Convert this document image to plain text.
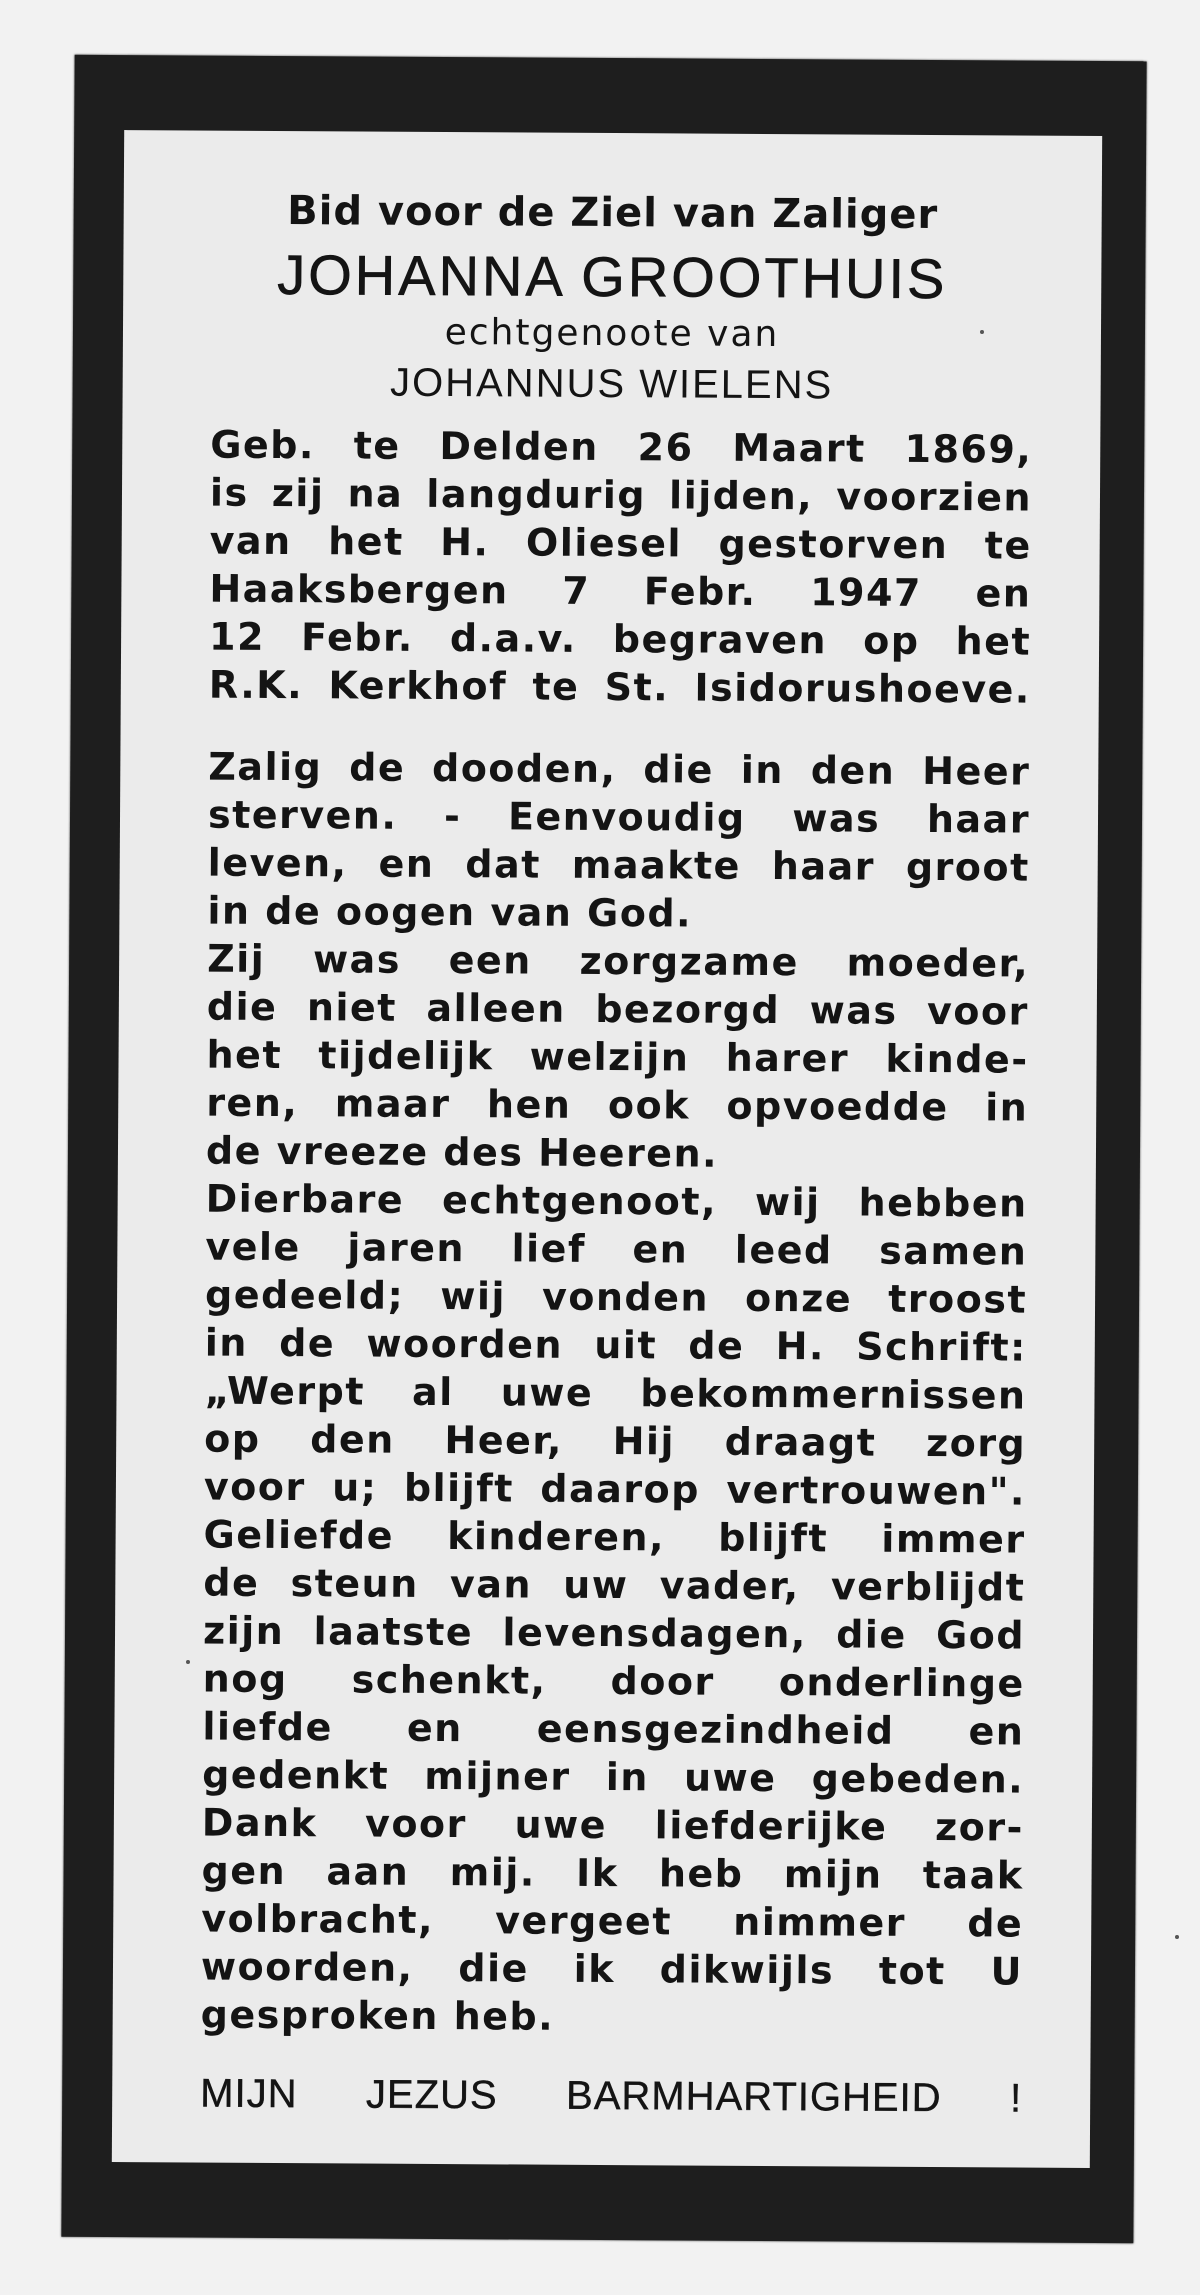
Bid voor de Ziel van Zaliger
JOHANNA GROOTHUIS
echtgenoote van
JOHANNUS WIELENS
Geb. te Delden 26 Maart 1869,
is zij na langdurig lijden, voorzien
van het H. Oliesel gestorven te
Haaksbergen 7 Febr. 1947 en
12 Febr. d.a.v. begraven op het
R.K. Kerkhof te St. Isidorushoeve.
Zalig de dooden, die in den Heer
sterven. - Eenvoudig was haar
leven, en dat maakte haar groot
in de oogen van God.
Zij was een zorgzame moeder,
die niet alleen bezorgd was voor
het tijdelijk welzijn harer kinde-
ren, maar hen ook opvoedde in
de vreeze des Heeren.
Dierbare echtgenoot, wij hebben
vele jaren lief en leed samen
gedeeld; wij vonden onze troost
in de woorden uit de H. Schrift:
„Werpt al uwe bekommernissen
op den Heer, Hij draagt zorg
voor u; blijft daarop vertrouwen".
Geliefde kinderen, blijft immer
de steun van uw vader, verblijdt
zijn laatste levensdagen, die God
nog schenkt, door onderlinge
liefde en eensgezindheid en
gedenkt mijner in uwe gebeden.
Dank voor uwe liefderijke zor-
gen aan mij. Ik heb mijn taak
volbracht, vergeet nimmer de
woorden, die ik dikwijls tot U
gesproken heb.
MIJN JEZUS BARMHARTIGHEID !
